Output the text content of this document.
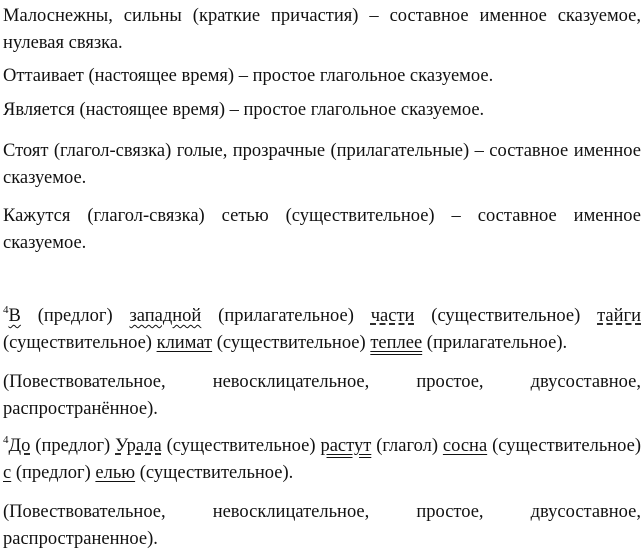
Малоснежны, сильны (краткие причастия) – составное именное сказуемое, нулевая связка.

Оттаивает (настоящее время) – простое глагольное сказуемое.

Является (настоящее время) – простое глагольное сказуемое.

Стоят (глагол-связка) голые, прозрачные (прилагательные) – составное именное сказуемое.

Кажутся (глагол-связка) сетью (существительное) – составное именное сказуемое.

$^4$В (предлог) западной (прилагательное) части (существительное) тайги (существительное) климат (существительное) теплее (прилагательное).

(Повествовательное, невосклицательное, простое, двусоставное, распространённое).

$^4$До (предлог) Урала (существительное) растут (глагол) сосна (существительное) с (предлог) елью (существительное).

(Повествовательное, невосклицательное, простое, двусоставное, распространенное).
